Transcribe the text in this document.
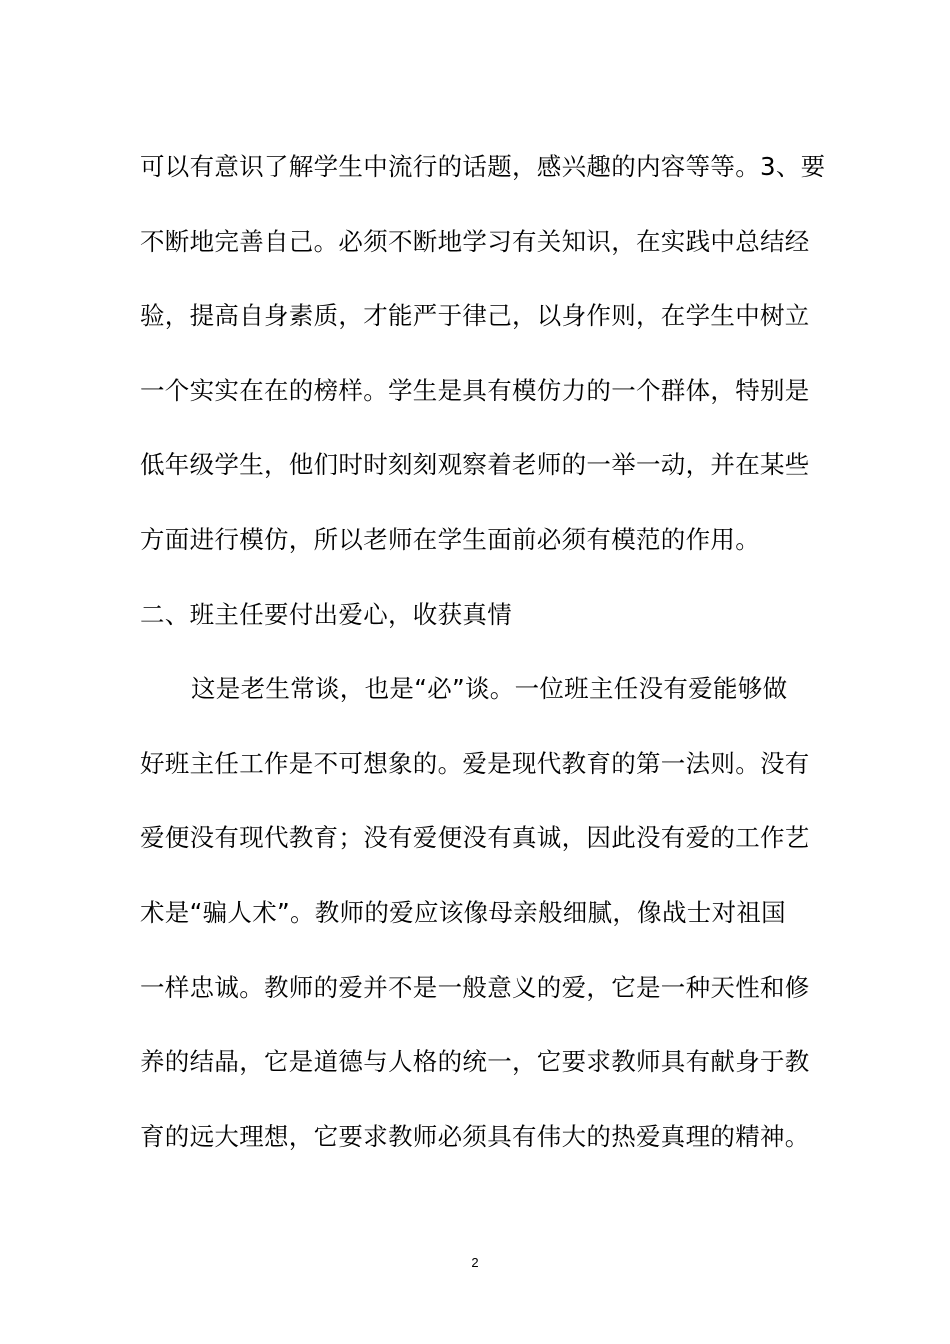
可以有意识了解学生中流行的话题，感兴趣的内容等等。3、要
不断地完善自己。必须不断地学习有关知识，在实践中总结经
验，提高自身素质，才能严于律己，以身作则，在学生中树立
一个实实在在的榜样。学生是具有模仿力的一个群体，特别是
低年级学生，他们时时刻刻观察着老师的一举一动，并在某些
方面进行模仿，所以老师在学生面前必须有模范的作用。
二、班主任要付出爱心，收获真情
这是老生常谈，也是“必”谈。一位班主任没有爱能够做
好班主任工作是不可想象的。爱是现代教育的第一法则。没有
爱便没有现代教育；没有爱便没有真诚，因此没有爱的工作艺
术是“骗人术”。教师的爱应该像母亲般细腻，像战士对祖国
一样忠诚。教师的爱并不是一般意义的爱，它是一种天性和修
养的结晶，它是道德与人格的统一，它要求教师具有献身于教
育的远大理想，它要求教师必须具有伟大的热爱真理的精神。
2
